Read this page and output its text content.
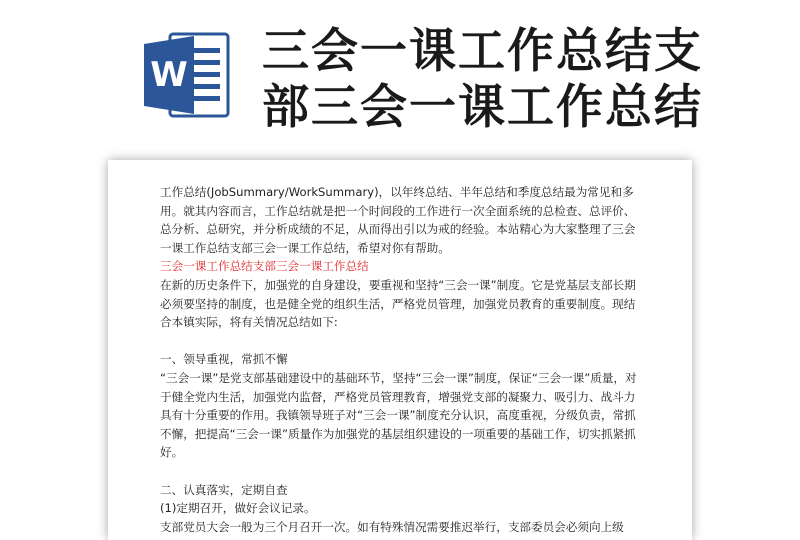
W 三会一课工作总结支
部三会一课工作总结

工作总结(JobSummary/WorkSummary)，以年终总结、半年总结和季度总结最为常见和多用。就其内容而言，工作总结就是把一个时间段的工作进行一次全面系统的总检查、总评价、总分析、总研究，并分析成绩的不足，从而得出引以为戒的经验。本站精心为大家整理了三会一课工作总结支部三会一课工作总结，希望对你有帮助。

三会一课工作总结支部三会一课工作总结

在新的历史条件下，加强党的自身建设，要重视和坚持“三会一课”制度。它是党基层支部长期必须要坚持的制度，也是健全党的组织生活，严格党员管理，加强党员教育的重要制度。现结合本镇实际，将有关情况总结如下:

一、领导重视，常抓不懈

“三会一课”是党支部基础建设中的基础环节，坚持“三会一课”制度，保证“三会一课”质量，对于健全党内生活，加强党内监督，严格党员管理教育，增强党支部的凝聚力、吸引力、战斗力具有十分重要的作用。我镇领导班子对“三会一课”制度充分认识，高度重视，分级负责，常抓不懈，把提高“三会一课”质量作为加强党的基层组织建设的一项重要的基础工作，切实抓紧抓好。

二、认真落实，定期自查

(1)定期召开，做好会议记录。

支部党员大会一般为三个月召开一次。如有特殊情况需要推迟举行，支部委员会必须向上级
